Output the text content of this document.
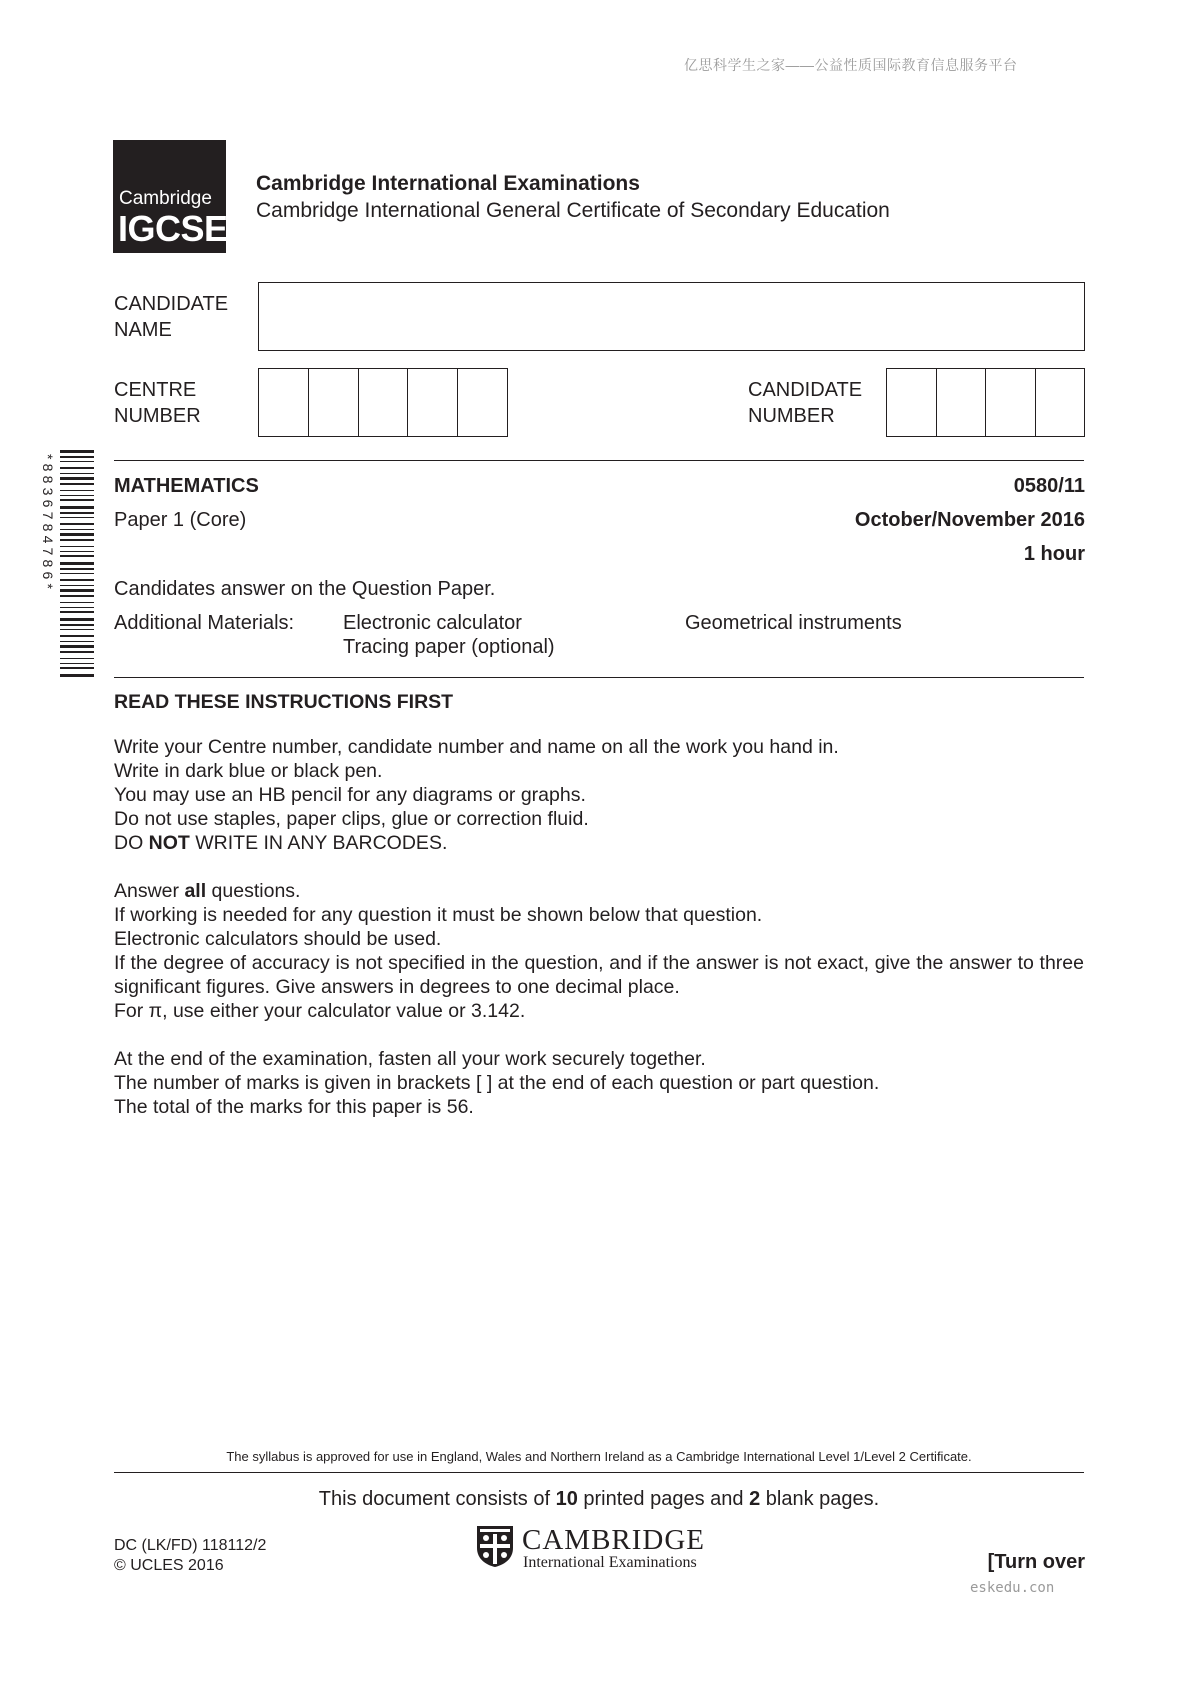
亿思科学生之家——公益性质国际教育信息服务平台
Cambridge
IGCSE
Cambridge International Examinations
Cambridge International General Certificate of Secondary Education
CANDIDATE
NAME
CENTRE
NUMBER
CANDIDATE
NUMBER
*8836784786*	MATHEMATICS	0580/11
Paper 1 (Core)	October/November 2016
1 hour
Candidates answer on the Question Paper.
Additional Materials: Electronic calculator
Tracing paper (optional)
Geometrical instruments
READ THESE INSTRUCTIONS FIRST

Write your Centre number, candidate number and name on all the work you hand in.

Write in dark blue or black pen.

You may use an HB pencil for any diagrams or graphs.

Do not use staples, paper clips, glue or correction fluid.

DO NOT WRITE IN ANY BARCODES.

Answer all questions.

If working is needed for any question it must be shown below that question.

Electronic calculators should be used.

If the degree of accuracy is not specified in the question, and if the answer is not exact, give the answer to three significant figures. Give answers in degrees to one decimal place.

For π, use either your calculator value or 3.142.

At the end of the examination, fasten all your work securely together.

The number of marks is given in brackets [ ] at the end of each question or part question.

The total of the marks for this paper is 56.

The syllabus is approved for use in England, Wales and Northern Ireland as a Cambridge International Level 1/Level 2 Certificate.
This document consists of 10 printed pages and 2 blank pages.
DC (LK/FD) 118112/2
© UCLES 2016
CAMBRIDGE
International Examinations	[Turn over
eskedu.con
